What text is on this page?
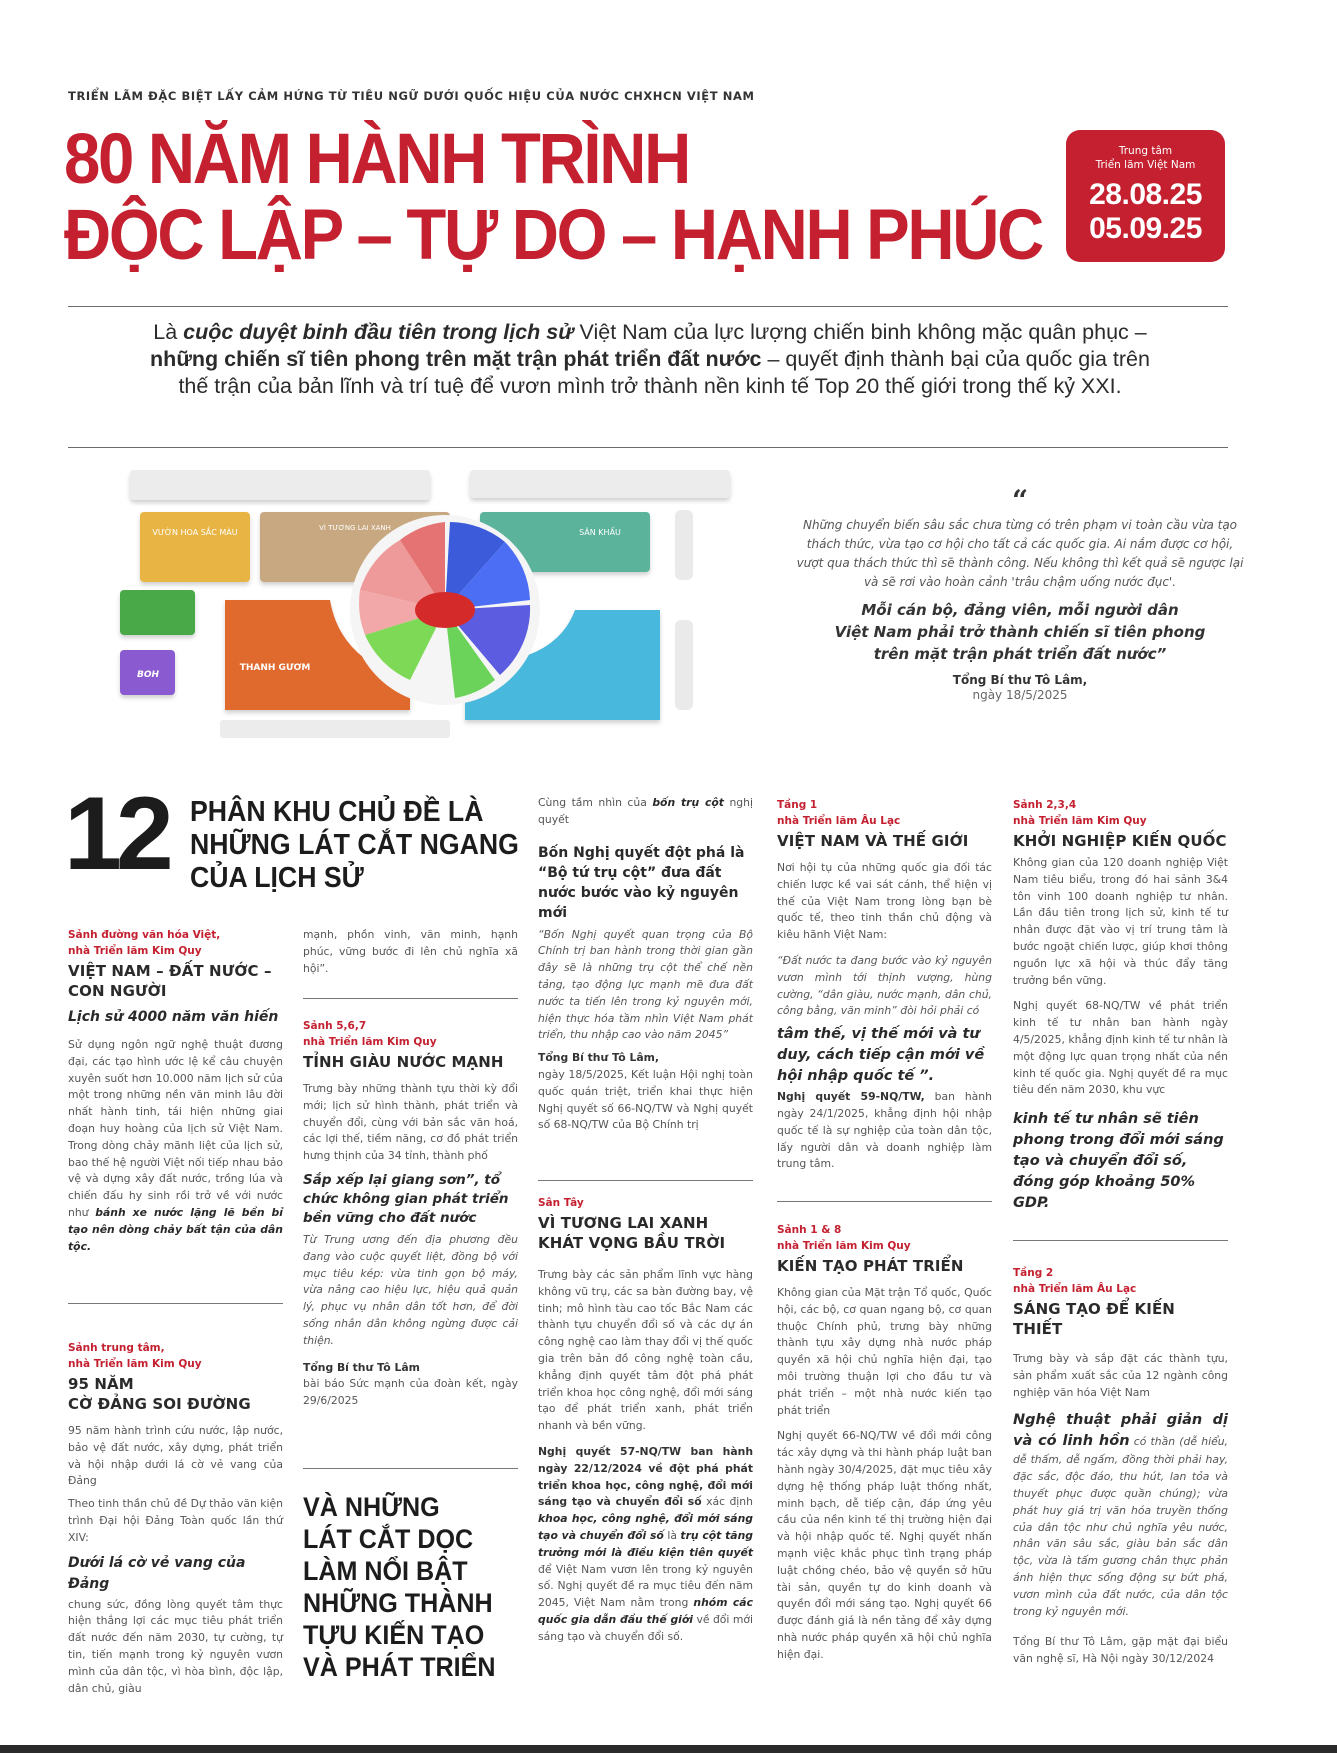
TRIỂN LÃM ĐẶC BIỆT LẤY CẢM HỨNG TỪ TIÊU NGỮ DƯỚI QUỐC HIỆU CỦA NƯỚC CHXHCN VIỆT NAM
80 NĂM HÀNH TRÌNH
ĐỘC LẬP – TỰ DO – HẠNH PHÚC
Trung tâm
Triển lãm Việt Nam
28.08.25
05.09.25
Là cuộc duyệt binh đầu tiên trong lịch sử Việt Nam của lực lượng chiến binh không mặc quân phục – những chiến sĩ tiên phong trên mặt trận phát triển đất nước – quyết định thành bại của quốc gia trên thế trận của bản lĩnh và trí tuệ để vươn mình trở thành nền kinh tế Top 20 thế giới trong thế kỷ XXI.
VƯỜN HOA SẮC MÀU	VÌ TƯƠNG LAI XANH	SÂN KHẤU
THANH GƯƠM
BOH
“
Những chuyển biến sâu sắc chưa từng có trên phạm vi toàn cầu vừa tạo thách thức, vừa tạo cơ hội cho tất cả các quốc gia. Ai nắm được cơ hội, vượt qua thách thức thì sẽ thành công. Nếu không thì kết quả sẽ ngược lại và sẽ rơi vào hoàn cảnh 'trâu chậm uống nước đục'.
Mỗi cán bộ, đảng viên, mỗi người dân
Việt Nam phải trở thành chiến sĩ tiên phong
trên mặt trận phát triển đất nước”
Tổng Bí thư Tô Lâm,
ngày 18/5/2025
12 PHÂN KHU CHỦ ĐỀ LÀ
NHỮNG LÁT CẮT NGANG
CỦA LỊCH SỬ
Sảnh đường văn hóa Việt,
nhà Triển lãm Kim Quy
VIỆT NAM – ĐẤT NƯỚC –
CON NGƯỜI
Lịch sử 4000 năm văn hiến

Sử dụng ngôn ngữ nghệ thuật đương đại, các tạo hình ước lệ kể câu chuyện xuyên suốt hơn 10.000 năm lịch sử của một trong những nền văn minh lâu đời nhất hành tinh, tái hiện những giai đoạn huy hoàng của lịch sử Việt Nam. Trong dòng chảy mãnh liệt của lịch sử, bao thế hệ người Việt nối tiếp nhau bảo vệ và dựng xây đất nước, trồng lúa và chiến đấu hy sinh rồi trở về với nước như bánh xe nước lặng lẽ bền bỉ tạo nên dòng chảy bất tận của dân tộc.

Sảnh trung tâm,
nhà Triển lãm Kim Quy
95 NĂM
CỜ ĐẢNG SOI ĐƯỜNG

95 năm hành trình cứu nước, lập nước, bảo vệ đất nước, xây dựng, phát triển và hội nhập dưới lá cờ vẻ vang của Đảng

Theo tinh thần chủ đề Dự thảo văn kiện trình Đại hội Đảng Toàn quốc lần thứ XIV:

Dưới lá cờ vẻ vang của Đảng

chung sức, đồng lòng quyết tâm thực hiện thắng lợi các mục tiêu phát triển đất nước đến năm 2030, tự cường, tự tin, tiến mạnh trong kỷ nguyên vươn mình của dân tộc, vì hòa bình, độc lập, dân chủ, giàu

mạnh, phồn vinh, văn minh, hạnh phúc, vững bước đi lên chủ nghĩa xã hội”.

Sảnh 5,6,7
nhà Triển lãm Kim Quy
TỈNH GIÀU NƯỚC MẠNH

Trưng bày những thành tựu thời kỳ đổi mới; lịch sử hình thành, phát triển và chuyển đổi, cùng với bản sắc văn hoá, các lợi thế, tiềm năng, cơ đồ phát triển hưng thịnh của 34 tỉnh, thành phố

Sắp xếp lại giang sơn”, tổ chức không gian phát triển bền vững cho đất nước

Từ Trung ương đến địa phương đều đang vào cuộc quyết liệt, đồng bộ với mục tiêu kép: vừa tinh gọn bộ máy, vừa nâng cao hiệu lực, hiệu quả quản lý, phục vụ nhân dân tốt hơn, để đời sống nhân dân không ngừng được cải thiện.

Tổng Bí thư Tô Lâm

bài báo Sức mạnh của đoàn kết, ngày 29/6/2025

VÀ NHỮNG
LÁT CẮT DỌC
LÀM NỔI BẬT
NHỮNG THÀNH
TỰU KIẾN TẠO
VÀ PHÁT TRIỂN

Cùng tầm nhìn của bốn trụ cột nghị quyết

Bốn Nghị quyết đột phá là “Bộ tứ trụ cột” đưa đất nước bước vào kỷ nguyên mới

“Bốn Nghị quyết quan trọng của Bộ Chính trị ban hành trong thời gian gần đây sẽ là những trụ cột thể chế nền tảng, tạo động lực mạnh mẽ đưa đất nước ta tiến lên trong kỷ nguyên mới, hiện thực hóa tầm nhìn Việt Nam phát triển, thu nhập cao vào năm 2045”

Tổng Bí thư Tô Lâm,

ngày 18/5/2025, Kết luận Hội nghị toàn quốc quán triệt, triển khai thực hiện Nghị quyết số 66-NQ/TW và Nghị quyết số 68-NQ/TW của Bộ Chính trị

Sân Tây
VÌ TƯƠNG LAI XANH
KHÁT VỌNG BẦU TRỜI

Trưng bày các sản phẩm lĩnh vực hàng không vũ trụ, các sa bàn đường bay, vệ tinh; mô hình tàu cao tốc Bắc Nam các thành tựu chuyển đổi số và các dự án công nghệ cao làm thay đổi vị thế quốc gia trên bản đồ công nghệ toàn cầu, khẳng định quyết tâm đột phá phát triển khoa học công nghệ, đổi mới sáng tạo để phát triển xanh, phát triển nhanh và bền vững.

Nghị quyết 57-NQ/TW ban hành ngày 22/12/2024 về đột phá phát triển khoa học, công nghệ, đổi mới sáng tạo và chuyển đổi số xác định khoa học, công nghệ, đổi mới sáng tạo và chuyển đổi số là trụ cột tăng trưởng mới là điều kiện tiên quyết để Việt Nam vươn lên trong kỷ nguyên số. Nghị quyết đề ra mục tiêu đến năm 2045, Việt Nam nằm trong nhóm các quốc gia dẫn đầu thế giới về đổi mới sáng tạo và chuyển đổi số.

Tầng 1
nhà Triển lãm Âu Lạc
VIỆT NAM VÀ THẾ GIỚI

Nơi hội tụ của những quốc gia đối tác chiến lược kề vai sát cánh, thể hiện vị thế của Việt Nam trong lòng bạn bè quốc tế, theo tinh thần chủ động và kiêu hãnh Việt Nam:

“Đất nước ta đang bước vào kỷ nguyên vươn mình tới thịnh vượng, hùng cường, “dân giàu, nước mạnh, dân chủ, công bằng, văn minh” đòi hỏi phải có

tâm thế, vị thế mới và tư duy, cách tiếp cận mới về hội nhập quốc tế ”.

Nghị quyết 59-NQ/TW, ban hành ngày 24/1/2025, khẳng định hội nhập quốc tế là sự nghiệp của toàn dân tộc, lấy người dân và doanh nghiệp làm trung tâm.

Sảnh 1 & 8
nhà Triển lãm Kim Quy
KIẾN TẠO PHÁT TRIỂN

Không gian của Mặt trận Tổ quốc, Quốc hội, các bộ, cơ quan ngang bộ, cơ quan thuộc Chính phủ, trưng bày những thành tựu xây dựng nhà nước pháp quyền xã hội chủ nghĩa hiện đại, tạo môi trường thuận lợi cho đầu tư và phát triển – một nhà nước kiến tạo phát triển

Nghị quyết 66-NQ/TW về đổi mới công tác xây dựng và thi hành pháp luật ban hành ngày 30/4/2025, đặt mục tiêu xây dựng hệ thống pháp luật thống nhất, minh bạch, dễ tiếp cận, đáp ứng yêu cầu của nền kinh tế thị trường hiện đại và hội nhập quốc tế. Nghị quyết nhấn mạnh việc khắc phục tình trạng pháp luật chồng chéo, bảo vệ quyền sở hữu tài sản, quyền tự do kinh doanh và quyền đổi mới sáng tạo. Nghị quyết 66 được đánh giá là nền tảng để xây dựng nhà nước pháp quyền xã hội chủ nghĩa hiện đại.

Sảnh 2,3,4
nhà Triển lãm Kim Quy
KHỞI NGHIỆP KIẾN QUỐC

Không gian của 120 doanh nghiệp Việt Nam tiêu biểu, trong đó hai sảnh 3&4 tôn vinh 100 doanh nghiệp tư nhân. Lần đầu tiên trong lịch sử, kinh tế tư nhân được đặt vào vị trí trung tâm là bước ngoặt chiến lược, giúp khơi thông nguồn lực xã hội và thúc đẩy tăng trưởng bền vững.

Nghị quyết 68-NQ/TW về phát triển kinh tế tư nhân ban hành ngày 4/5/2025, khẳng định kinh tế tư nhân là một động lực quan trọng nhất của nền kinh tế quốc gia. Nghị quyết đề ra mục tiêu đến năm 2030, khu vực

kinh tế tư nhân sẽ tiên phong trong đổi mới sáng tạo và chuyển đổi số, đóng góp khoảng 50% GDP.
Tầng 2
nhà Triển lãm Âu Lạc
SÁNG TẠO ĐỂ KIẾN THIẾT

Trưng bày và sắp đặt các thành tựu, sản phẩm xuất sắc của 12 ngành công nghiệp văn hóa Việt Nam

Nghệ thuật phải giản dị và có linh hồn có thần (dễ hiểu, dễ thấm, dễ ngấm, đồng thời phải hay, đặc sắc, độc đáo, thu hút, lan tỏa và thuyết phục được quần chúng); vừa phát huy giá trị văn hóa truyền thống của dân tộc như chủ nghĩa yêu nước, nhân văn sâu sắc, giàu bản sắc dân tộc, vừa là tấm gương chân thực phản ánh hiện thực sống động sự bứt phá, vươn mình của đất nước, của dân tộc trong kỷ nguyên mới.

Tổng Bí thư Tô Lâm, gặp mặt đại biểu văn nghệ sĩ, Hà Nội ngày 30/12/2024
